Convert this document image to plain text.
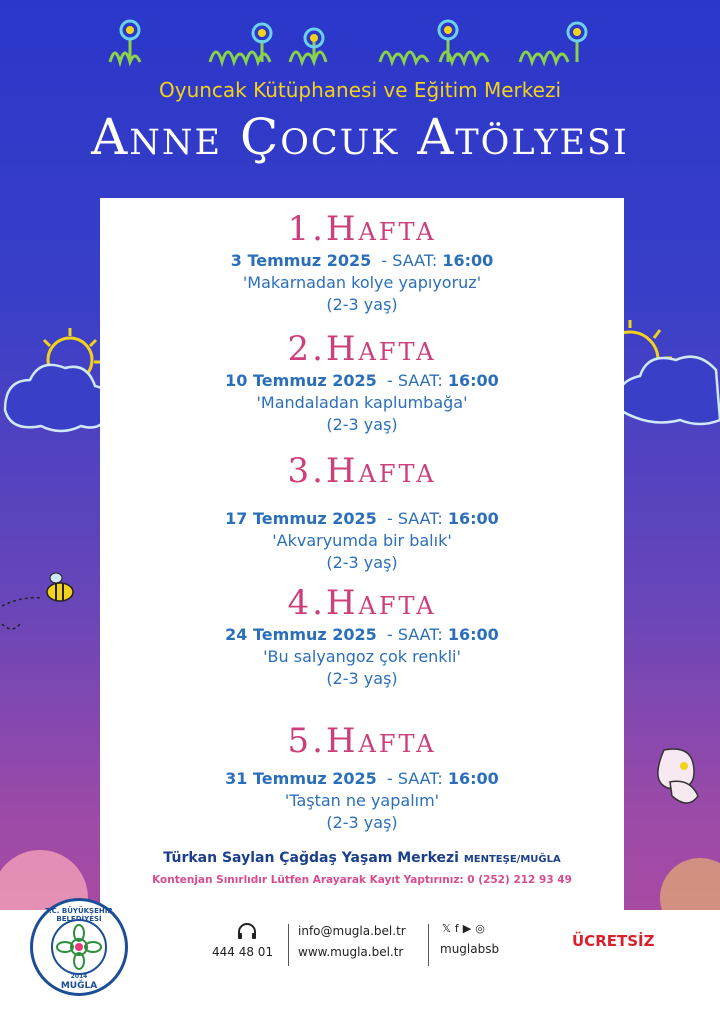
Oyuncak Kütüphanesi ve Eğitim Merkezi
Anne Çocuk Atölyesi
1.Hafta
3 Temmuz 2025 - SAAT: 16:00
'Makarnadan kolye yapıyoruz'
(2-3 yaş)
2.Hafta
10 Temmuz 2025 - SAAT: 16:00
'Mandaladan kaplumbağa'
(2-3 yaş)
3.Hafta
17 Temmuz 2025 - SAAT: 16:00
'Akvaryumda bir balık'
(2-3 yaş)
4.Hafta
24 Temmuz 2025 - SAAT: 16:00
'Bu salyangoz çok renkli'
(2-3 yaş)
5.Hafta
31 Temmuz 2025 - SAAT: 16:00
'Taştan ne yapalım'
(2-3 yaş)
Türkan Saylan Çağdaş Yaşam Merkezi MENTEŞE/MUĞLA
Kontenjan Sınırlıdır Lütfen Arayarak Kayıt Yaptırınız: 0 (252) 212 93 49
T.C. BÜYÜKŞEHİR BELEDİYESİ
2014
MUĞLA
444 48 01
info@mugla.bel.tr
www.mugla.bel.tr
𝕏f▶◎
muglabsb	ÜCRETSİZ
